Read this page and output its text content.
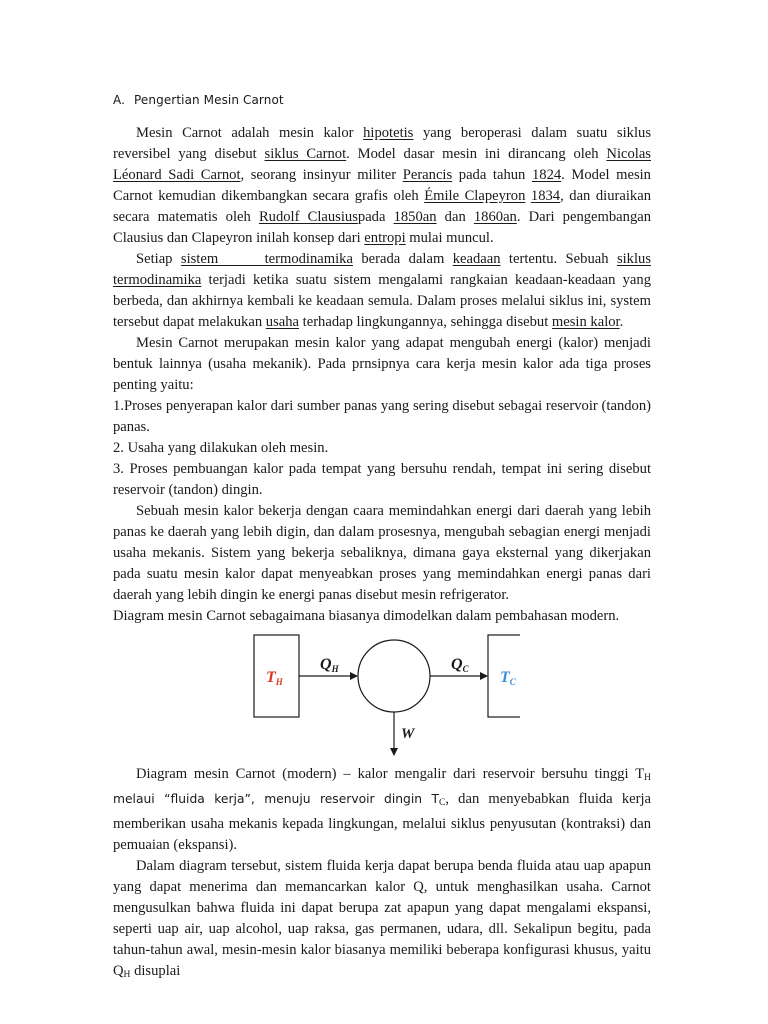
A. Pengertian Mesin Carnot

Mesin Carnot adalah mesin kalor hipotetis yang beroperasi dalam suatu siklus reversibel yang disebut siklus Carnot. Model dasar mesin ini dirancang oleh Nicolas Léonard Sadi Carnot, seorang insinyur militer Perancis pada tahun 1824. Model mesin Carnot kemudian dikembangkan secara grafis oleh Émile Clapeyron 1834, dan diuraikan secara matematis oleh Rudolf Clausiuspada 1850an dan 1860an. Dari pengembangan Clausius dan Clapeyron inilah konsep dari entropi mulai muncul.

Setiap sistem termodinamika berada dalam keadaan tertentu. Sebuah siklus termodinamika terjadi ketika suatu sistem mengalami rangkaian keadaan-keadaan yang berbeda, dan akhirnya kembali ke keadaan semula. Dalam proses melalui siklus ini, system tersebut dapat melakukan usaha terhadap lingkungannya, sehingga disebut mesin kalor.

Mesin Carnot merupakan mesin kalor yang adapat mengubah energi (kalor) menjadi bentuk lainnya (usaha mekanik). Pada prnsipnya cara kerja mesin kalor ada tiga proses penting yaitu:

1.Proses penyerapan kalor dari sumber panas yang sering disebut sebagai reservoir (tandon) panas.

2. Usaha yang dilakukan oleh mesin.

3. Proses pembuangan kalor pada tempat yang bersuhu rendah, tempat ini sering disebut reservoir (tandon) dingin.

Sebuah mesin kalor bekerja dengan caara memindahkan energi dari daerah yang lebih panas ke daerah yang lebih digin, dan dalam prosesnya, mengubah sebagian energi menjadi usaha mekanis. Sistem yang bekerja sebaliknya, dimana gaya eksternal yang dikerjakan pada suatu mesin kalor dapat menyeabkan proses yang memindahkan energi panas dari daerah yang lebih dingin ke energi panas disebut mesin refrigerator.

Diagram mesin Carnot sebagaimana biasanya dimodelkan dalam pembahasan modern.

TH	TC
QH	QC
W

Diagram mesin Carnot (modern) – kalor mengalir dari reservoir bersuhu tinggi $T_H$ melaui “fluida kerja”, menuju reservoir dingin $T_C$, dan menyebabkan fluida kerja memberikan usaha mekanis kepada lingkungan, melalui siklus penyusutan (kontraksi) dan pemuaian (ekspansi).

Dalam diagram tersebut, sistem fluida kerja dapat berupa benda fluida atau uap apapun yang dapat menerima dan memancarkan kalor Q, untuk menghasilkan usaha. Carnot mengusulkan bahwa fluida ini dapat berupa zat apapun yang dapat mengalami ekspansi, seperti uap air, uap alcohol, uap raksa, gas permanen, udara, dll. Sekalipun begitu, pada tahun-tahun awal, mesin-mesin kalor biasanya memiliki beberapa konfigurasi khusus, yaitu $Q_H$ disuplai
